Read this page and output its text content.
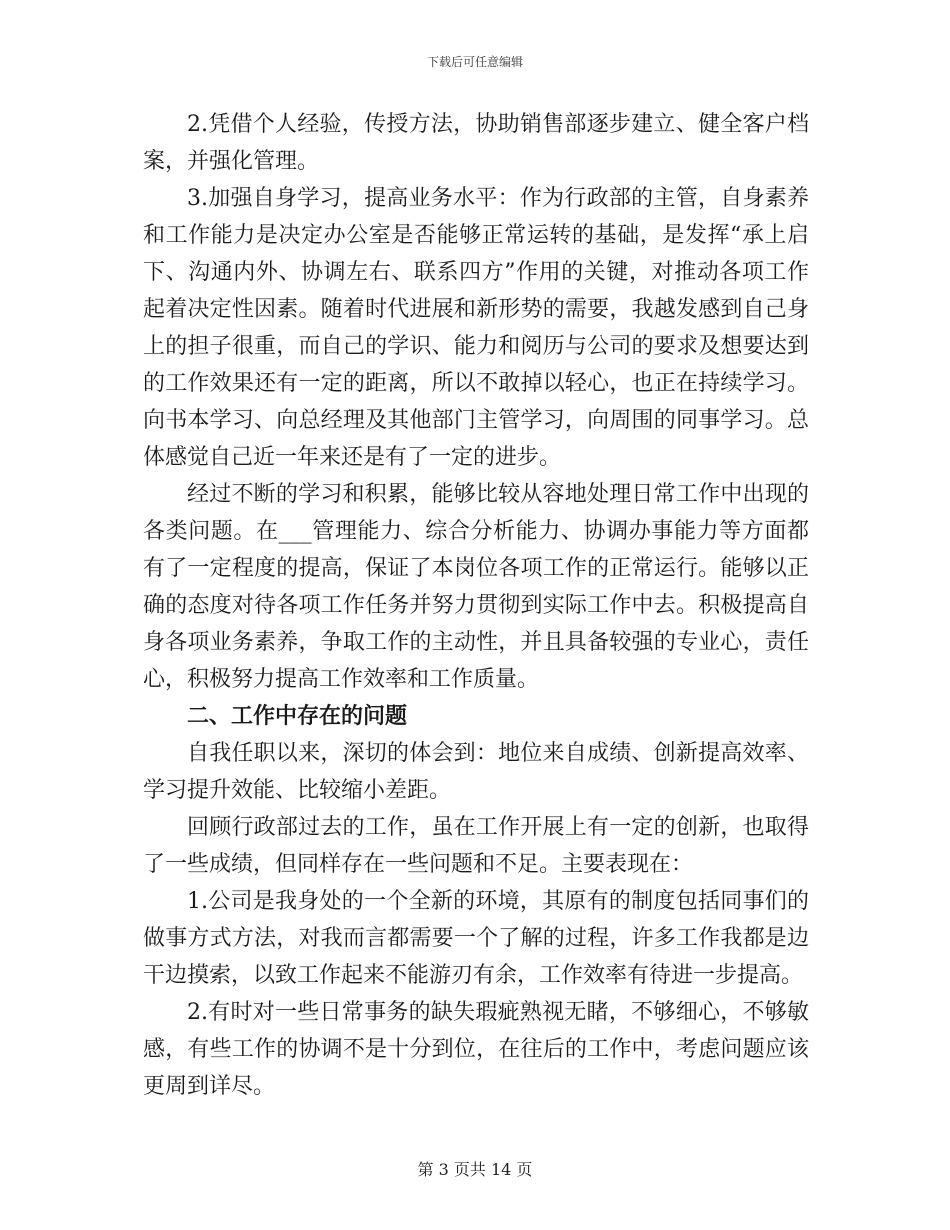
下载后可任意编辑

2.凭借个人经验，传授方法，协助销售部逐步建立、健全客户档案，并强化管理。

3.加强自身学习，提高业务水平：作为行政部的主管，自身素养和工作能力是决定办公室是否能够正常运转的基础，是发挥“承上启下、沟通内外、协调左右、联系四方”作用的关键，对推动各项工作起着决定性因素。随着时代进展和新形势的需要，我越发感到自己身上的担子很重，而自己的学识、能力和阅历与公司的要求及想要达到的工作效果还有一定的距离，所以不敢掉以轻心，也正在持续学习。向书本学习、向总经理及其他部门主管学习，向周围的同事学习。总体感觉自己近一年来还是有了一定的进步。

经过不断的学习和积累，能够比较从容地处理日常工作中出现的各类问题。在___管理能力、综合分析能力、协调办事能力等方面都有了一定程度的提高，保证了本岗位各项工作的正常运行。能够以正确的态度对待各项工作任务并努力贯彻到实际工作中去。积极提高自身各项业务素养，争取工作的主动性，并且具备较强的专业心，责任心，积极努力提高工作效率和工作质量。

二、工作中存在的问题

自我任职以来，深切的体会到：地位来自成绩、创新提高效率、学习提升效能、比较缩小差距。

回顾行政部过去的工作，虽在工作开展上有一定的创新，也取得了一些成绩，但同样存在一些问题和不足。主要表现在：

1.公司是我身处的一个全新的环境，其原有的制度包括同事们的做事方式方法，对我而言都需要一个了解的过程，许多工作我都是边干边摸索，以致工作起来不能游刃有余，工作效率有待进一步提高。

2.有时对一些日常事务的缺失瑕疵熟视无睹，不够细心，不够敏感，有些工作的协调不是十分到位，在往后的工作中，考虑问题应该更周到详尽。

第 3 页共 14 页
